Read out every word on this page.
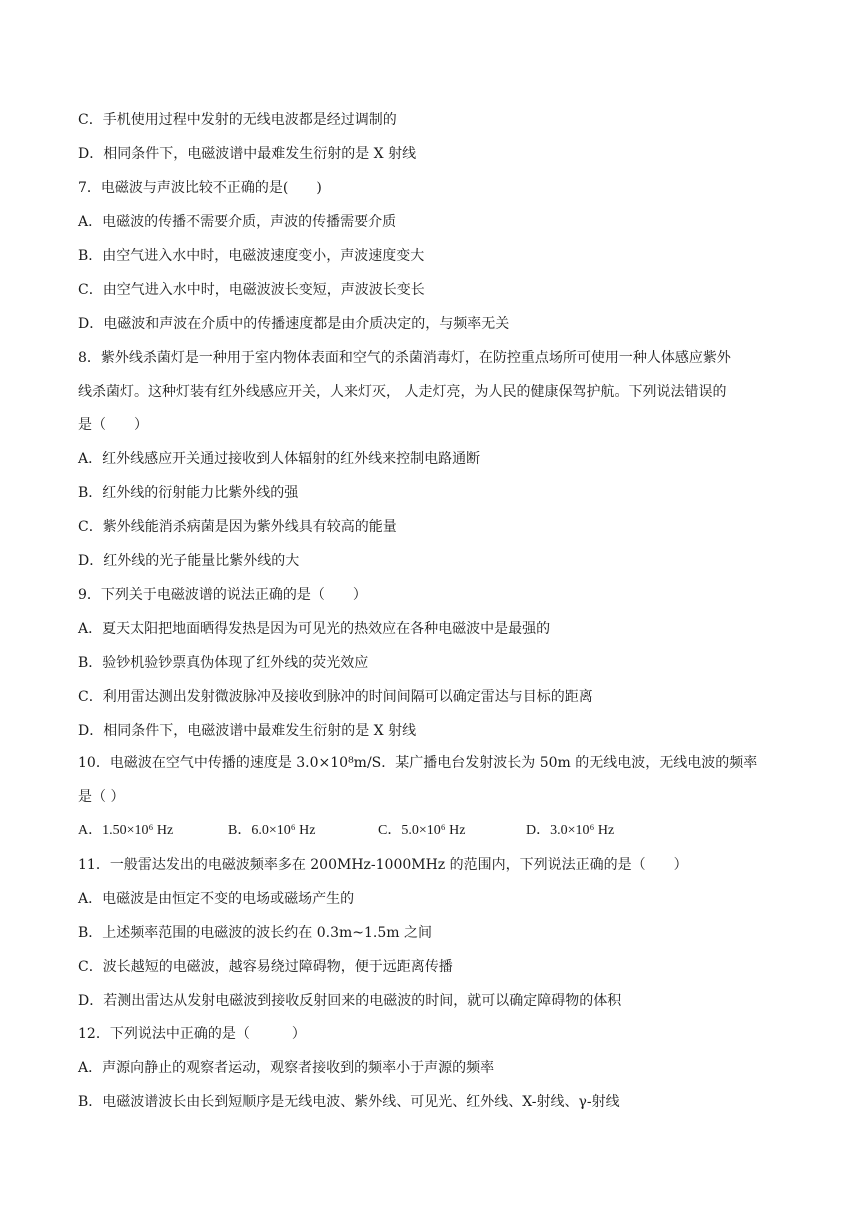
C．手机使用过程中发射的无线电波都是经过调制的
D．相同条件下，电磁波谱中最难发生衍射的是 X 射线
7．电磁波与声波比较不正确的是(　　)
A．电磁波的传播不需要介质，声波的传播需要介质
B．由空气进入水中时，电磁波速度变小，声波速度变大
C．由空气进入水中时，电磁波波长变短，声波波长变长
D．电磁波和声波在介质中的传播速度都是由介质决定的，与频率无关
8．紫外线杀菌灯是一种用于室内物体表面和空气的杀菌消毒灯，在防控重点场所可使用一种人体感应紫外
线杀菌灯。这种灯装有红外线感应开关，人来灯灭， 人走灯亮，为人民的健康保驾护航。下列说法错误的
是（　　）
A．红外线感应开关通过接收到人体辐射的红外线来控制电路通断
B．红外线的衍射能力比紫外线的强
C．紫外线能消杀病菌是因为紫外线具有较高的能量
D．红外线的光子能量比紫外线的大
9．下列关于电磁波谱的说法正确的是（　　）
A．夏天太阳把地面晒得发热是因为可见光的热效应在各种电磁波中是最强的
B．验钞机验钞票真伪体现了红外线的荧光效应
C．利用雷达测出发射微波脉冲及接收到脉冲的时间间隔可以确定雷达与目标的距离
D．相同条件下，电磁波谱中最难发生衍射的是 X 射线
10．电磁波在空气中传播的速度是 3.0×10⁸m/S．某广播电台发射波长为 50m 的无线电波，无线电波的频率
是（ ）
A．1.50×10⁶ Hz	B．6.0×10⁶ Hz	C．5.0×10⁶ Hz	D．3.0×10⁶ Hz
11．一般雷达发出的电磁波频率多在 200MHz-1000MHz 的范围内，下列说法正确的是（　　）
A．电磁波是由恒定不变的电场或磁场产生的
B．上述频率范围的电磁波的波长约在 0.3m~1.5m 之间
C．波长越短的电磁波，越容易绕过障碍物，便于远距离传播
D．若测出雷达从发射电磁波到接收反射回来的电磁波的时间，就可以确定障碍物的体积
12．下列说法中正确的是（　　　）
A．声源向静止的观察者运动，观察者接收到的频率小于声源的频率
B．电磁波谱波长由长到短顺序是无线电波、紫外线、可见光、红外线、X-射线、γ-射线
